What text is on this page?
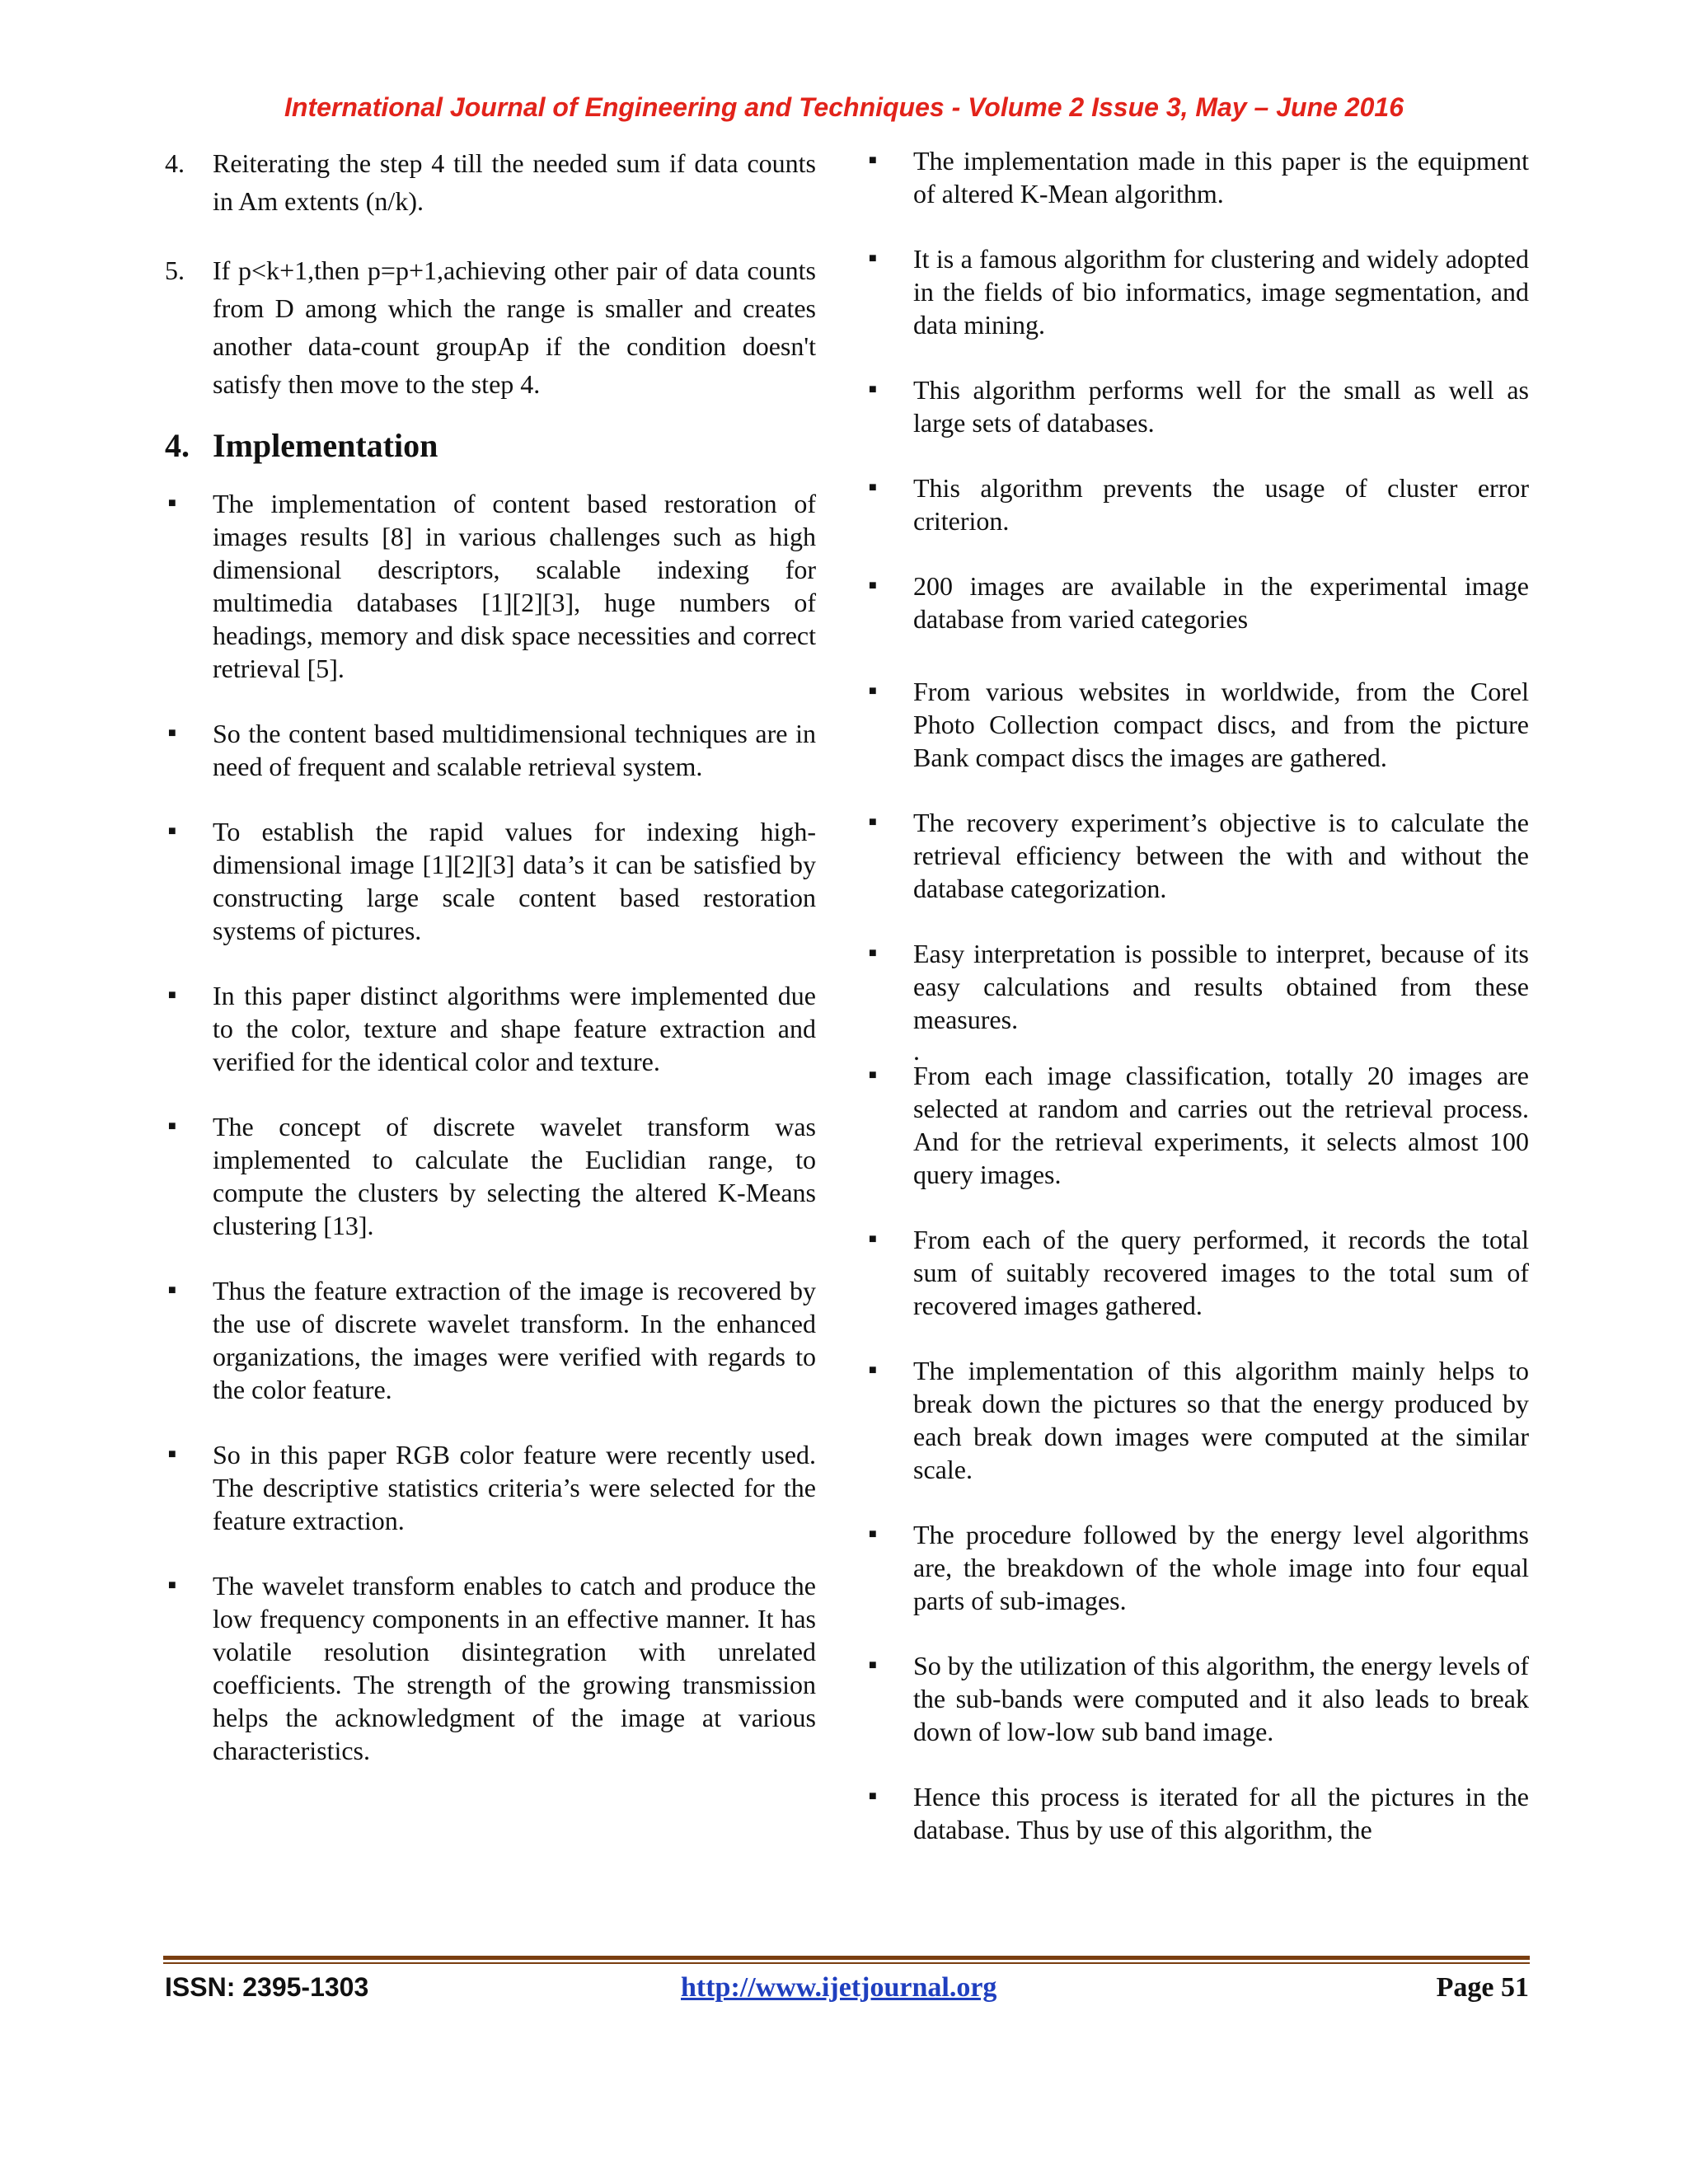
International Journal of Engineering and Techniques - Volume 2 Issue 3, May – June 2016

4. Reiterating the step 4 till the needed sum if data counts in Am extents (n/k).

5. If p<k+1,then p=p+1,achieving other pair of data counts from D among which the range is smaller and creates another data-count groupAp if the condition doesn't satisfy then move to the step 4.

4. Implementation

■ The implementation of content based restoration of images results [8] in various challenges such as high dimensional descriptors, scalable indexing for multimedia databases [1][2][3], huge numbers of headings, memory and disk space necessities and correct retrieval [5].

■ So the content based multidimensional techniques are in need of frequent and scalable retrieval system.

■ To establish the rapid values for indexing high-dimensional image [1][2][3] data’s it can be satisfied by constructing large scale content based restoration systems of pictures.

■ In this paper distinct algorithms were implemented due to the color, texture and shape feature extraction and verified for the identical color and texture.

■ The concept of discrete wavelet transform was implemented to calculate the Euclidian range, to compute the clusters by selecting the altered K-Means clustering [13].

■ Thus the feature extraction of the image is recovered by the use of discrete wavelet transform. In the enhanced organizations, the images were verified with regards to the color feature.

■ So in this paper RGB color feature were recently used. The descriptive statistics criteria’s were selected for the feature extraction.

■ The wavelet transform enables to catch and produce the low frequency components in an effective manner. It has volatile resolution disintegration with unrelated coefficients. The strength of the growing transmission helps the acknowledgment of the image at various characteristics.

■ The implementation made in this paper is the equipment of altered K-Mean algorithm.

■ It is a famous algorithm for clustering and widely adopted in the fields of bio informatics, image segmentation, and data mining.

■ This algorithm performs well for the small as well as large sets of databases.

■ This algorithm prevents the usage of cluster error criterion.

■ 200 images are available in the experimental image database from varied categories

■ From various websites in worldwide, from the Corel Photo Collection compact discs, and from the picture Bank compact discs the images are gathered.

■ The recovery experiment’s objective is to calculate the retrieval efficiency between the with and without the database categorization.

■ Easy interpretation is possible to interpret, because of its easy calculations and results obtained from these measures.

.

■ From each image classification, totally 20 images are selected at random and carries out the retrieval process. And for the retrieval experiments, it selects almost 100 query images.

■ From each of the query performed, it records the total sum of suitably recovered images to the total sum of recovered images gathered.

■ The implementation of this algorithm mainly helps to break down the pictures so that the energy produced by each break down images were computed at the similar scale.

■ The procedure followed by the energy level algorithms are, the breakdown of the whole image into four equal parts of sub-images.

■ So by the utilization of this algorithm, the energy levels of the sub-bands were computed and it also leads to break down of low-low sub band image.

■ Hence this process is iterated for all the pictures in the database. Thus by use of this algorithm, the

ISSN: 2395-1303	http://www.ijetjournal.org	Page 51
